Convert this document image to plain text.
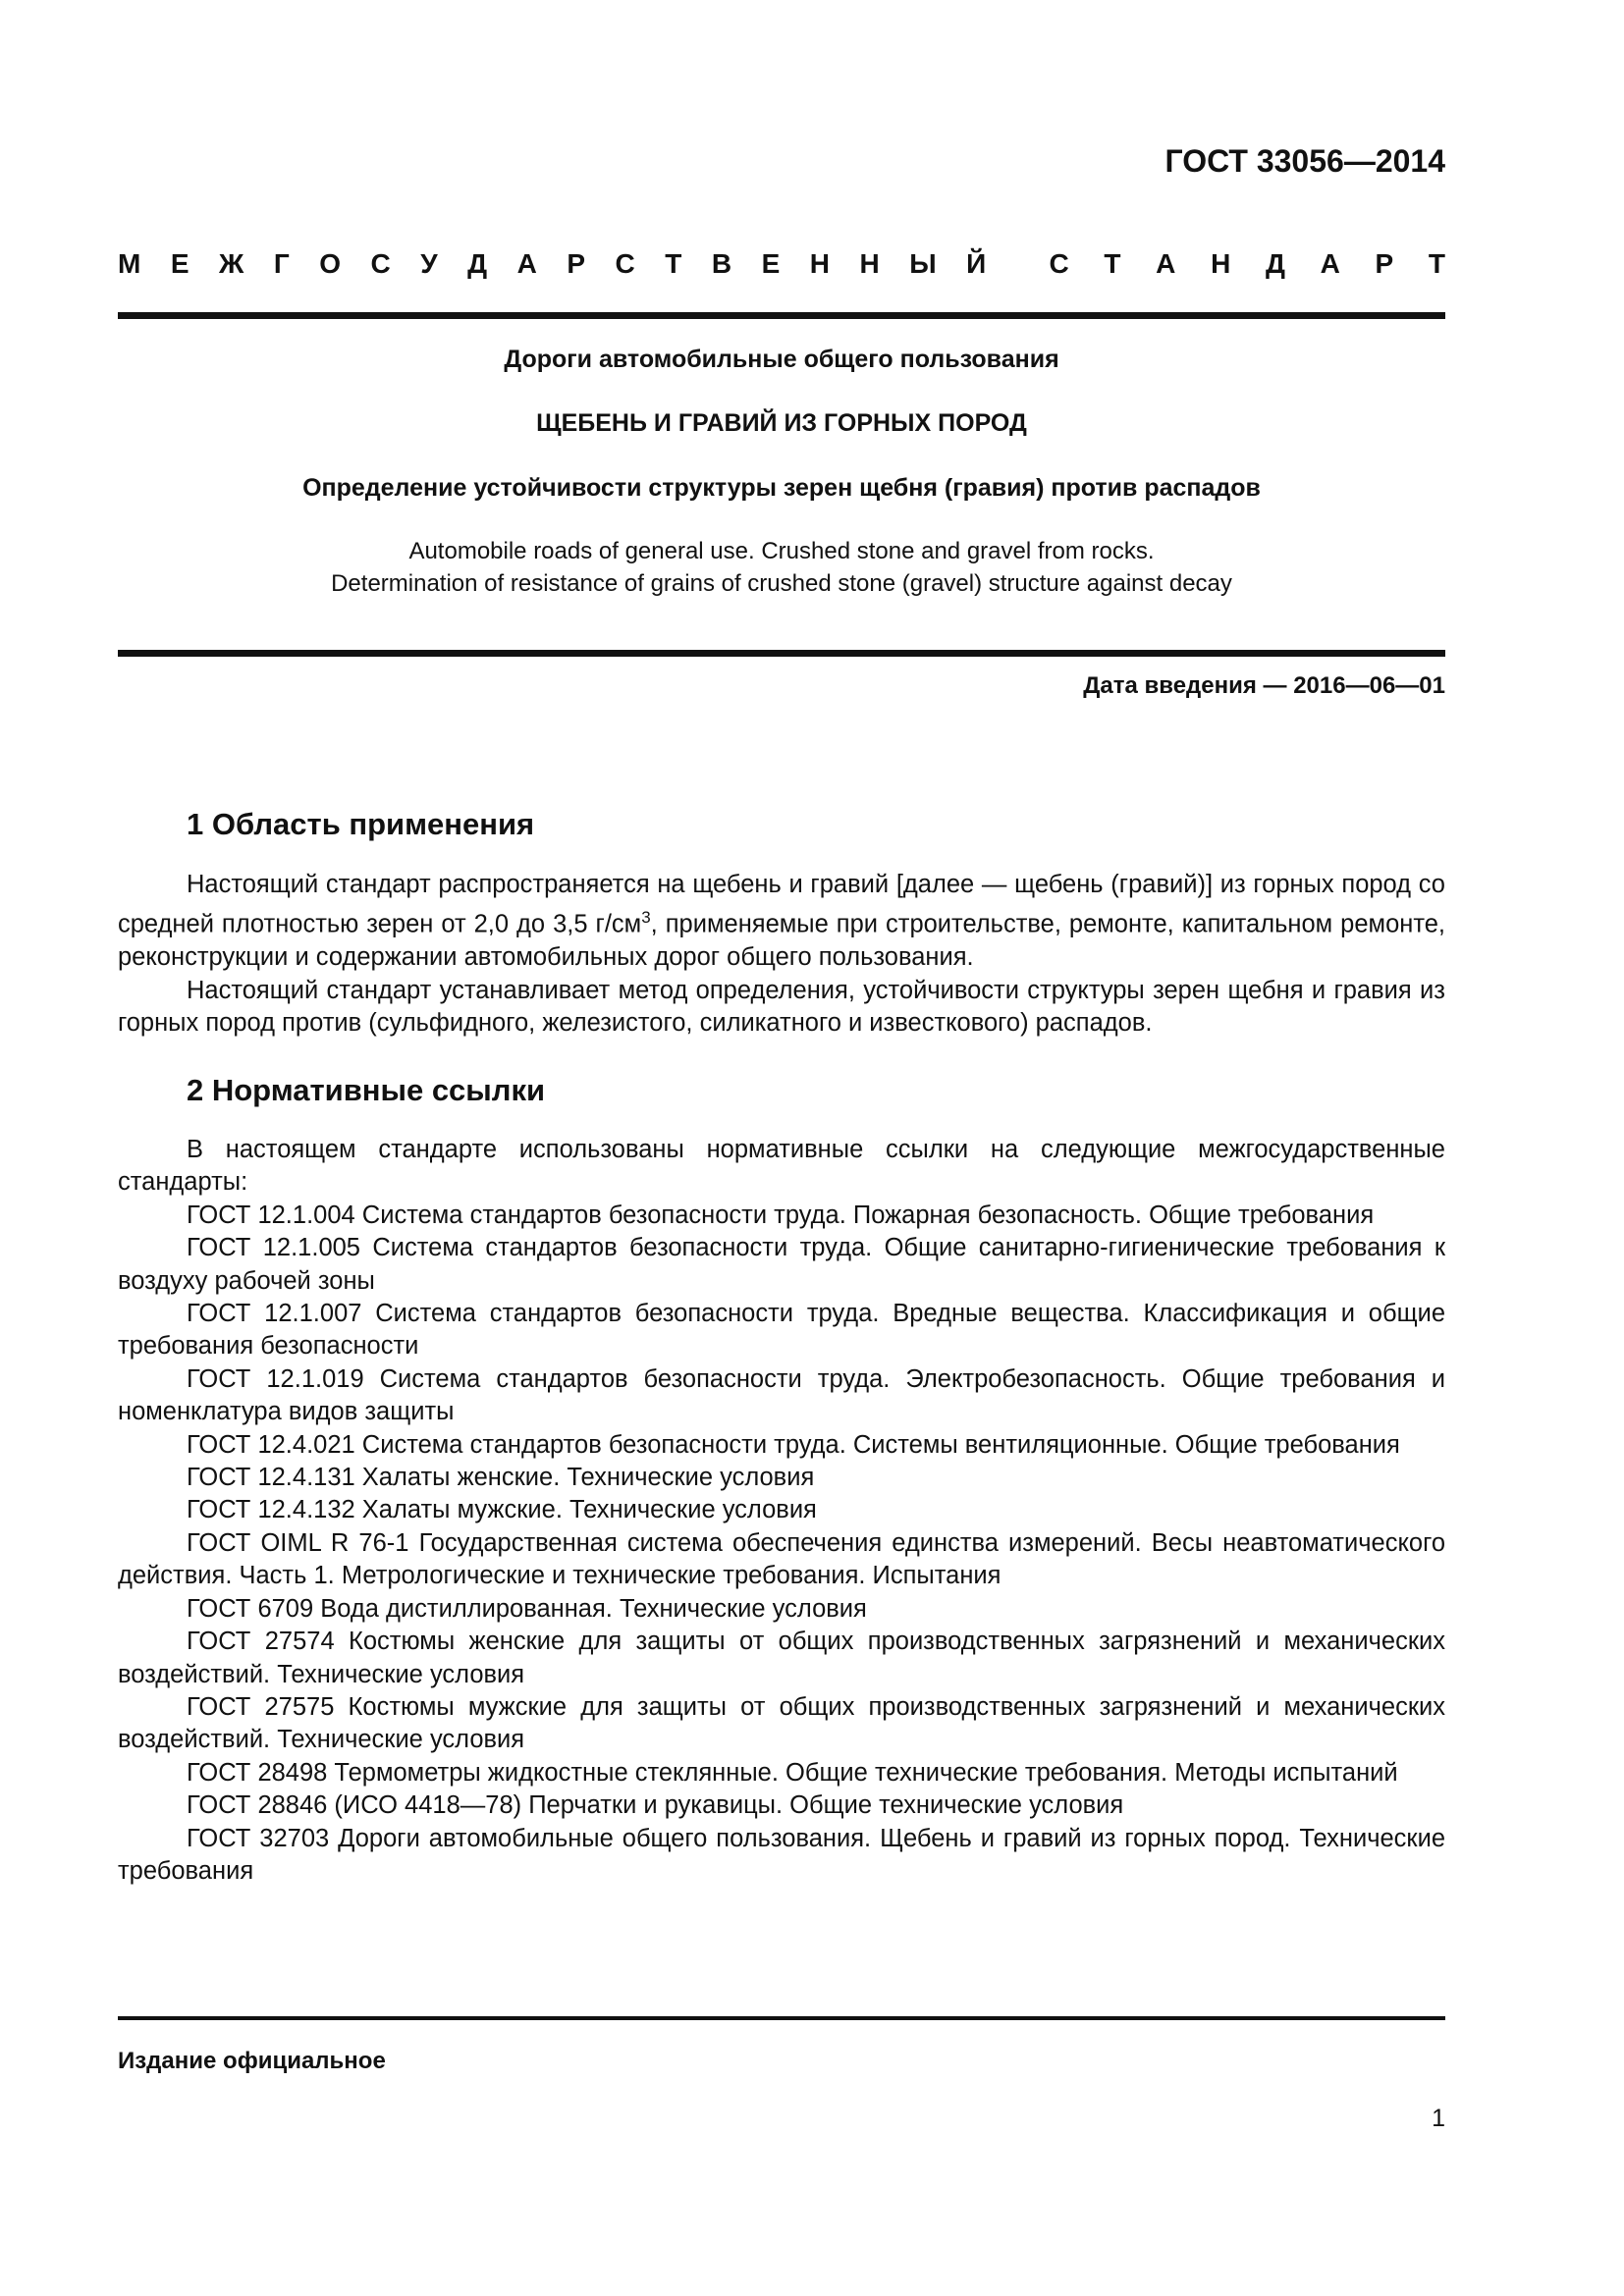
ГОСТ 33056—2014
М Е Ж Г О С У Д А Р С Т В Е Н Н Ы Й С Т А Н Д А Р Т

Дороги автомобильные общего пользования

ЩЕБЕНЬ И ГРАВИЙ ИЗ ГОРНЫХ ПОРОД

Определение устойчивости структуры зерен щебня (гравия) против распадов

Automobile roads of general use. Crushed stone and gravel from rocks.

Determination of resistance of grains of crushed stone (gravel) structure against decay

Дата введения — 2016—06—01
1 Область применения

Настоящий стандарт распространяется на щебень и гравий [далее — щебень (гравий)] из горных пород со средней плотностью зерен от 2,0 до 3,5 $г/см^3$, применяемые при строительстве, ремонте, капитальном ремонте, реконструкции и содержании автомобильных дорог общего пользования.

Настоящий стандарт устанавливает метод определения, устойчивости структуры зерен щебня и гравия из горных пород против (сульфидного, железистого, силикатного и известкового) распадов.

2 Нормативные ссылки

В настоящем стандарте использованы нормативные ссылки на следующие межгосударственные стандарты:

ГОСТ 12.1.004 Система стандартов безопасности труда. Пожарная безопасность. Общие требования

ГОСТ 12.1.005 Система стандартов безопасности труда. Общие санитарно-гигиенические требования к воздуху рабочей зоны

ГОСТ 12.1.007 Система стандартов безопасности труда. Вредные вещества. Классификация и общие требования безопасности

ГОСТ 12.1.019 Система стандартов безопасности труда. Электробезопасность. Общие требования и номенклатура видов защиты

ГОСТ 12.4.021 Система стандартов безопасности труда. Системы вентиляционные. Общие требования

ГОСТ 12.4.131 Халаты женские. Технические условия

ГОСТ 12.4.132 Халаты мужские. Технические условия

ГОСТ OIML R 76-1 Государственная система обеспечения единства измерений. Весы неавтоматического действия. Часть 1. Метрологические и технические требования. Испытания

ГОСТ 6709 Вода дистиллированная. Технические условия

ГОСТ 27574 Костюмы женские для защиты от общих производственных загрязнений и механических воздействий. Технические условия

ГОСТ 27575 Костюмы мужские для защиты от общих производственных загрязнений и механических воздействий. Технические условия

ГОСТ 28498 Термометры жидкостные стеклянные. Общие технические требования. Методы испытаний

ГОСТ 28846 (ИСО 4418—78) Перчатки и рукавицы. Общие технические условия

ГОСТ 32703 Дороги автомобильные общего пользования. Щебень и гравий из горных пород. Технические требования

Издание официальное
1
